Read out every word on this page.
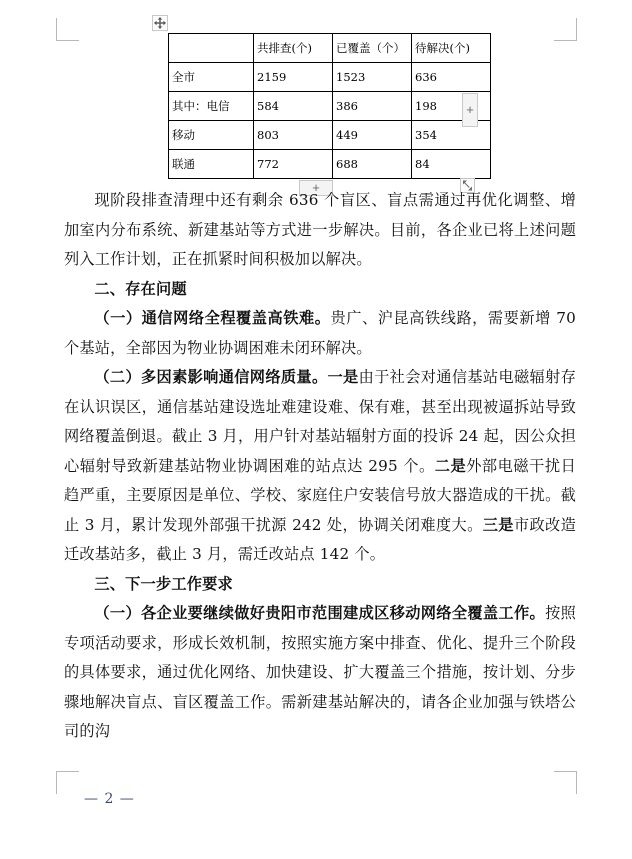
	共排查(个)	已覆盖（个）	待解决(个)
全市	2159	1523	636
其中：电信	584	386	198
移动	803	449	354
联通	772	688	84
+
+

现阶段排查清理中还有剩余 636 个盲区、盲点需通过再优化调整、增加室内分布系统、新建基站等方式进一步解决。目前，各企业已将上述问题列入工作计划，正在抓紧时间积极加以解决。

二、存在问题

（一）通信网络全程覆盖高铁难。贵广、沪昆高铁线路，需要新增 70 个基站，全部因为物业协调困难未闭环解决。

（二）多因素影响通信网络质量。一是由于社会对通信基站电磁辐射存在认识误区，通信基站建设选址难建设难、保有难，甚至出现被逼拆站导致网络覆盖倒退。截止 3 月，用户针对基站辐射方面的投诉 24 起，因公众担心辐射导致新建基站物业协调困难的站点达 295 个。二是外部电磁干扰日趋严重，主要原因是单位、学校、家庭住户安装信号放大器造成的干扰。截止 3 月，累计发现外部强干扰源 242 处，协调关闭难度大。三是市政改造迁改基站多，截止 3 月，需迁改站点 142 个。

三、下一步工作要求

（一）各企业要继续做好贵阳市范围建成区移动网络全覆盖工作。按照专项活动要求，形成长效机制，按照实施方案中排查、优化、提升三个阶段的具体要求，通过优化网络、加快建设、扩大覆盖三个措施，按计划、分步骤地解决盲点、盲区覆盖工作。需新建基站解决的，请各企业加强与铁塔公司的沟

— 2 —
